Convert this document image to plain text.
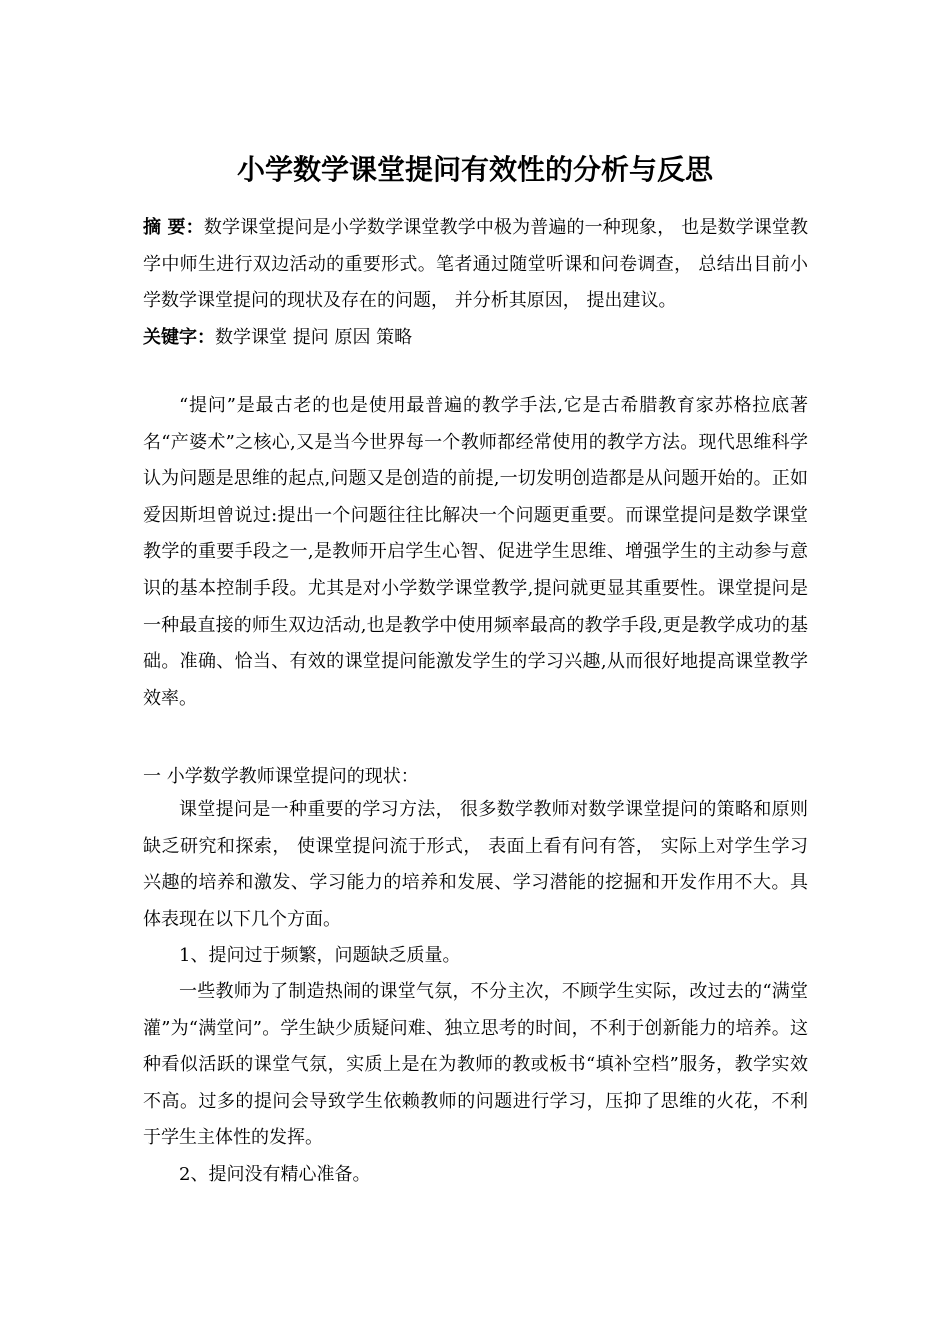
小学数学课堂提问有效性的分析与反思

摘 要：数学课堂提问是小学数学课堂教学中极为普遍的一种现象， 也是数学课堂教学中师生进行双边活动的重要形式。笔者通过随堂听课和问卷调查， 总结出目前小学数学课堂提问的现状及存在的问题， 并分析其原因， 提出建议。

关键字：数学课堂 提问 原因 策略

“提问”是最古老的也是使用最普遍的教学手法,它是古希腊教育家苏格拉底著名“产婆术”之核心,又是当今世界每一个教师都经常使用的教学方法。现代思维科学认为问题是思维的起点,问题又是创造的前提,一切发明创造都是从问题开始的。正如爱因斯坦曾说过:提出一个问题往往比解决一个问题更重要。而课堂提问是数学课堂教学的重要手段之一,是教师开启学生心智、促进学生思维、增强学生的主动参与意识的基本控制手段。尤其是对小学数学课堂教学,提问就更显其重要性。课堂提问是一种最直接的师生双边活动,也是教学中使用频率最高的教学手段,更是教学成功的基础。准确、恰当、有效的课堂提问能激发学生的学习兴趣,从而很好地提高课堂教学效率。

一 小学数学教师课堂提问的现状：

课堂提问是一种重要的学习方法， 很多数学教师对数学课堂提问的策略和原则缺乏研究和探索， 使课堂提问流于形式， 表面上看有问有答， 实际上对学生学习兴趣的培养和激发、学习能力的培养和发展、学习潜能的挖掘和开发作用不大。具体表现在以下几个方面。

1、提问过于频繁，问题缺乏质量。

一些教师为了制造热闹的课堂气氛，不分主次，不顾学生实际，改过去的“满堂灌”为“满堂问”。学生缺少质疑问难、独立思考的时间，不利于创新能力的培养。这种看似活跃的课堂气氛，实质上是在为教师的教或板书“填补空档”服务，教学实效不高。过多的提问会导致学生依赖教师的问题进行学习，压抑了思维的火花，不利于学生主体性的发挥。

2、提问没有精心准备。
